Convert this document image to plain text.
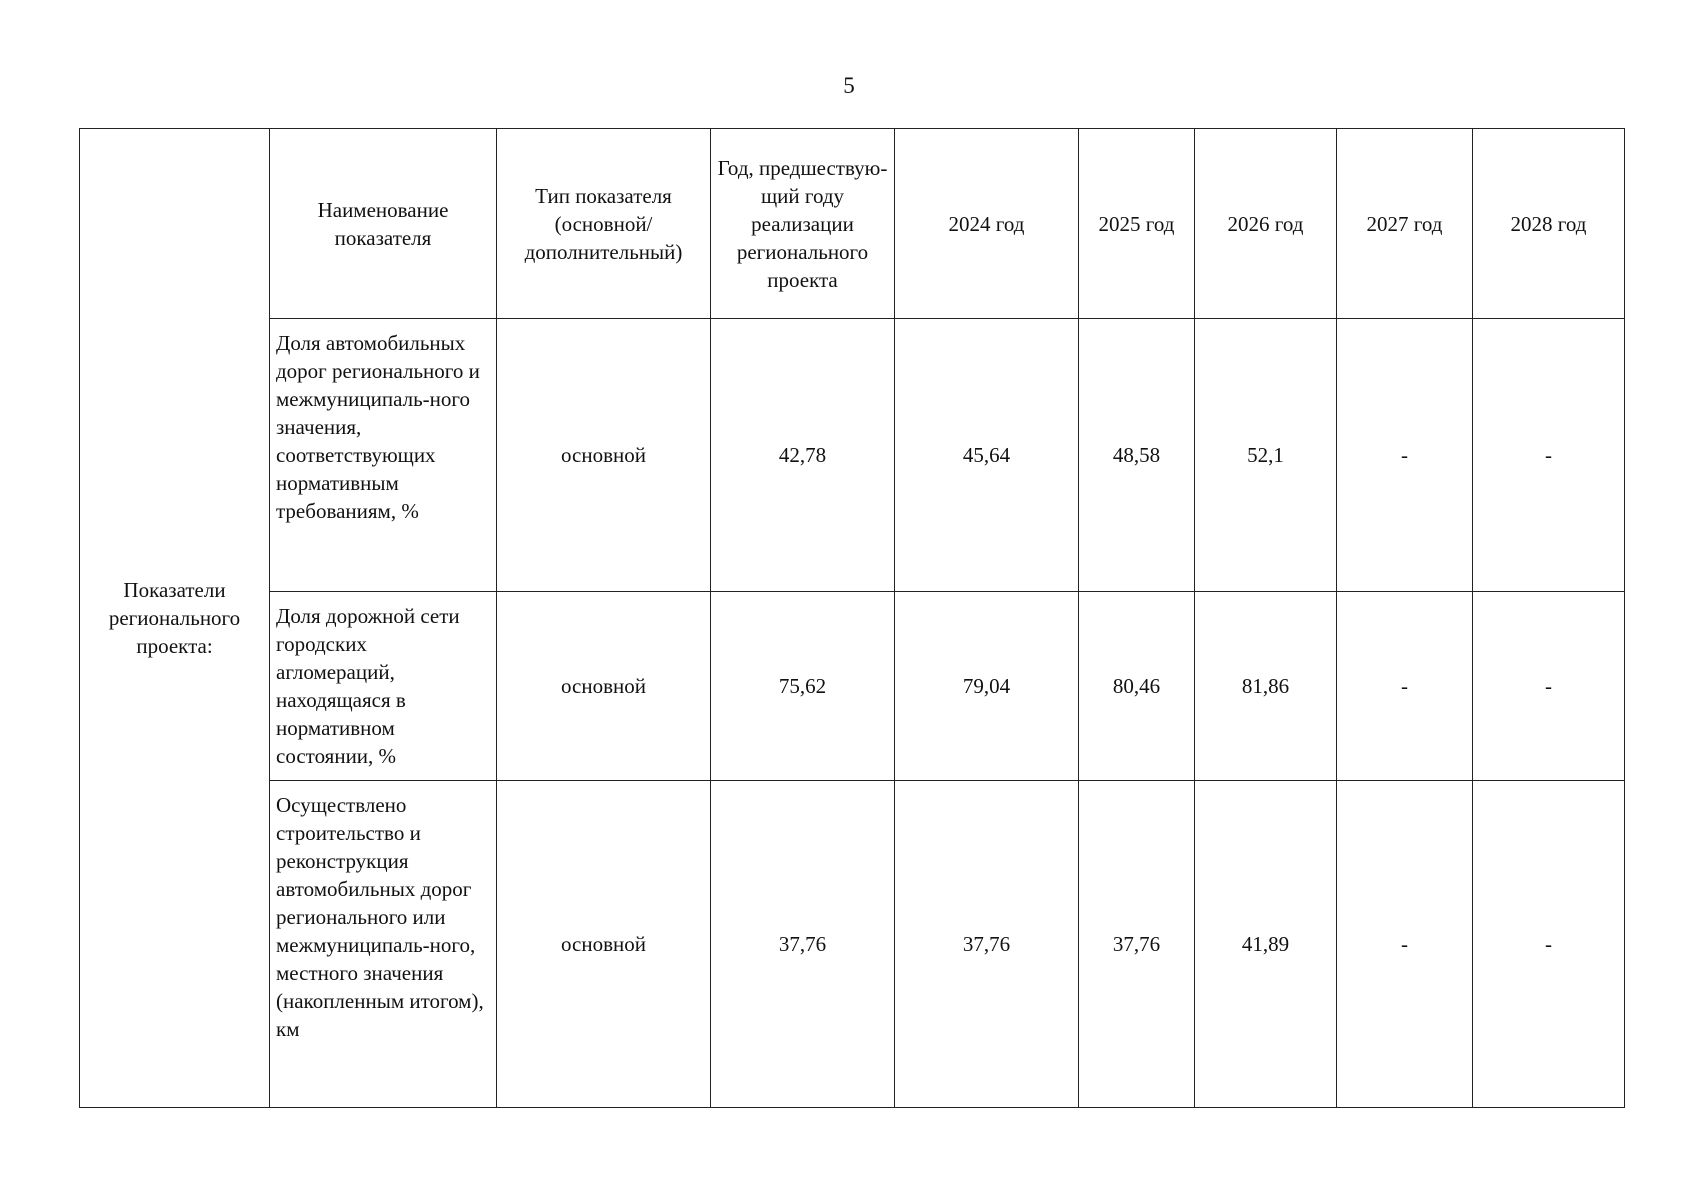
5
Показатели регионального проекта:	Наименование показателя	Тип показателя (основной/ дополнительный)	Год, предшествую-щий году реализации регионального проекта	2024 год	2025 год	2026 год	2027 год	2028 год
	Доля автомобильных дорог регионального и межмуниципаль-ного значения, соответствующих нормативным требованиям, %	основной	42,78	45,64	48,58	52,1	-	-
	Доля дорожной сети городских агломераций, находящаяся в нормативном состоянии, %	основной	75,62	79,04	80,46	81,86	-	-
	Осуществлено строительство и реконструкция автомобильных дорог регионального или межмуниципаль-ного, местного значения (накопленным итогом), км	основной	37,76	37,76	37,76	41,89	-	-
